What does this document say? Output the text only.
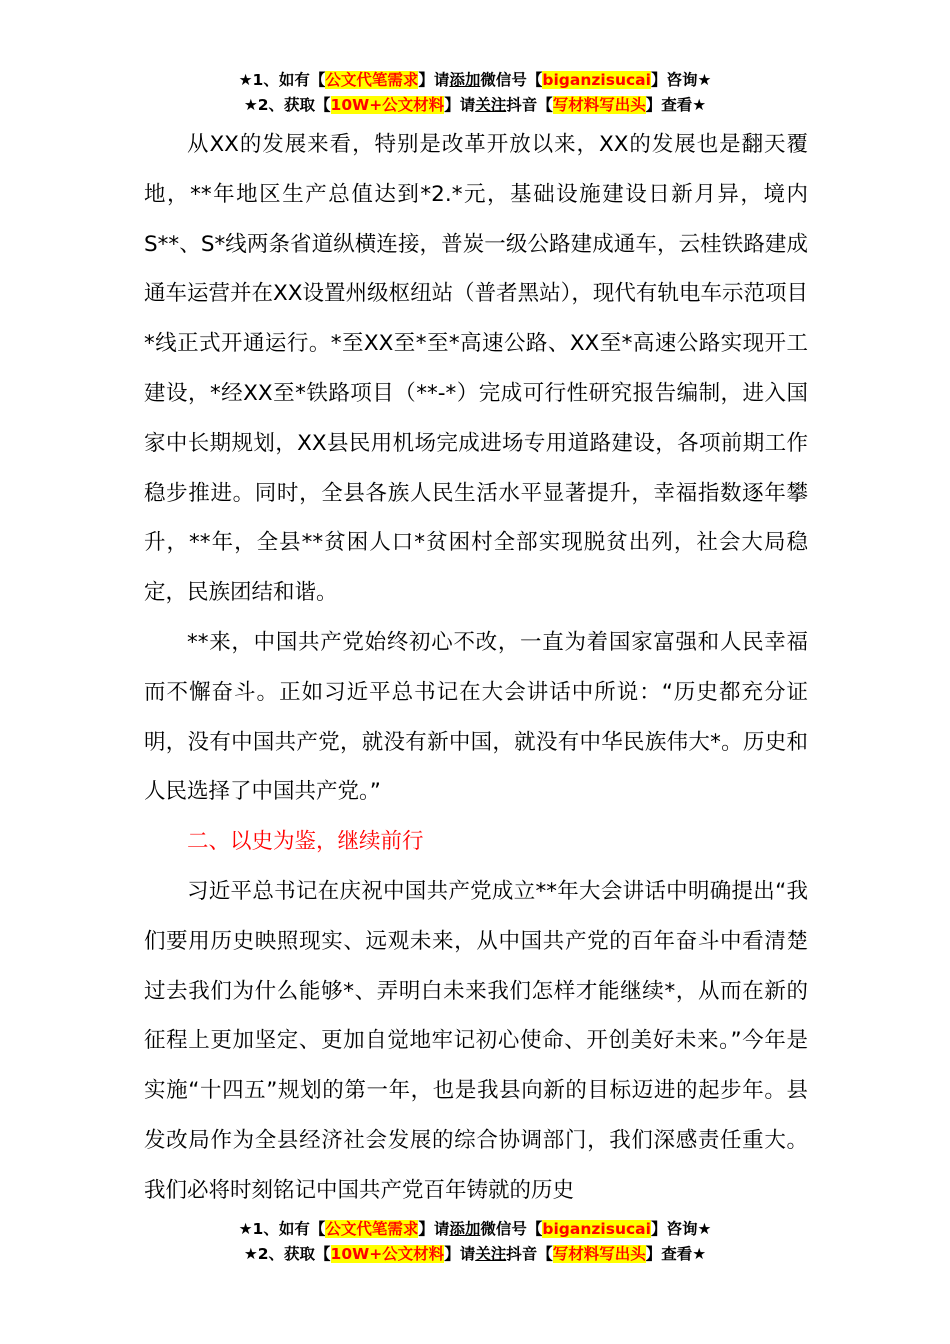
★1、如有【公文代笔需求】请添加微信号【biganzisucai】咨询★
★2、获取【10W+公文材料】请关注抖音【写材料写出头】查看★

从XX的发展来看，特别是改革开放以来，XX的发展也是翻天覆地，**年地区生产总值达到*2.*元，基础设施建设日新月异，境内S**、S*线两条省道纵横连接，普炭一级公路建成通车，云桂铁路建成通车运营并在XX设置州级枢纽站（普者黑站），现代有轨电车示范项目*线正式开通运行。*至XX至*至*高速公路、XX至*高速公路实现开工建设，*经XX至*铁路项目（**-*）完成可行性研究报告编制，进入国家中长期规划，XX县民用机场完成进场专用道路建设，各项前期工作稳步推进。同时，全县各族人民生活水平显著提升，幸福指数逐年攀升，**年，全县**贫困人口*贫困村全部实现脱贫出列，社会大局稳定，民族团结和谐。

**来，中国共产党始终初心不改，一直为着国家富强和人民幸福而不懈奋斗。正如习近平总书记在大会讲话中所说：“历史都充分证明，没有中国共产党，就没有新中国，就没有中华民族伟大*。历史和人民选择了中国共产党。”

二、以史为鉴，继续前行

习近平总书记在庆祝中国共产党成立**年大会讲话中明确提出“我们要用历史映照现实、远观未来，从中国共产党的百年奋斗中看清楚过去我们为什么能够*、弄明白未来我们怎样才能继续*，从而在新的征程上更加坚定、更加自觉地牢记初心使命、开创美好未来。”今年是实施“十四五”规划的第一年，也是我县向新的目标迈进的起步年。县发改局作为全县经济社会发展的综合协调部门，我们深感责任重大。我们必将时刻铭记中国共产党百年铸就的历史

★1、如有【公文代笔需求】请添加微信号【biganzisucai】咨询★
★2、获取【10W+公文材料】请关注抖音【写材料写出头】查看★
